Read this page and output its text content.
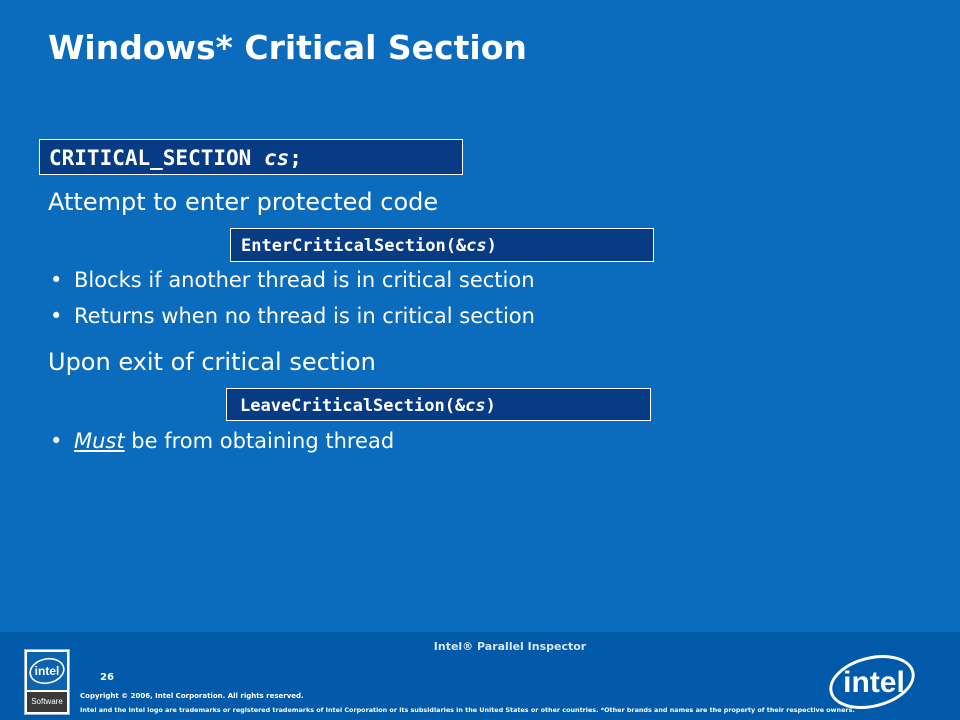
Windows* Critical Section
CRITICAL_SECTION cs;
Attempt to enter protected code
EnterCriticalSection(&cs)
• Blocks if another thread is in critical section
• Returns when no thread is in critical section
Upon exit of critical section
LeaveCriticalSection(&cs)
• Must be from obtaining thread
Intel® Parallel Inspector
intel
Software
26
Copyright © 2006, Intel Corporation. All rights reserved.
Intel and the Intel logo are trademarks or registered trademarks of Intel Corporation or its subsidiaries in the United States or other countries. *Other brands and names are the property of their respective owners.
intel
